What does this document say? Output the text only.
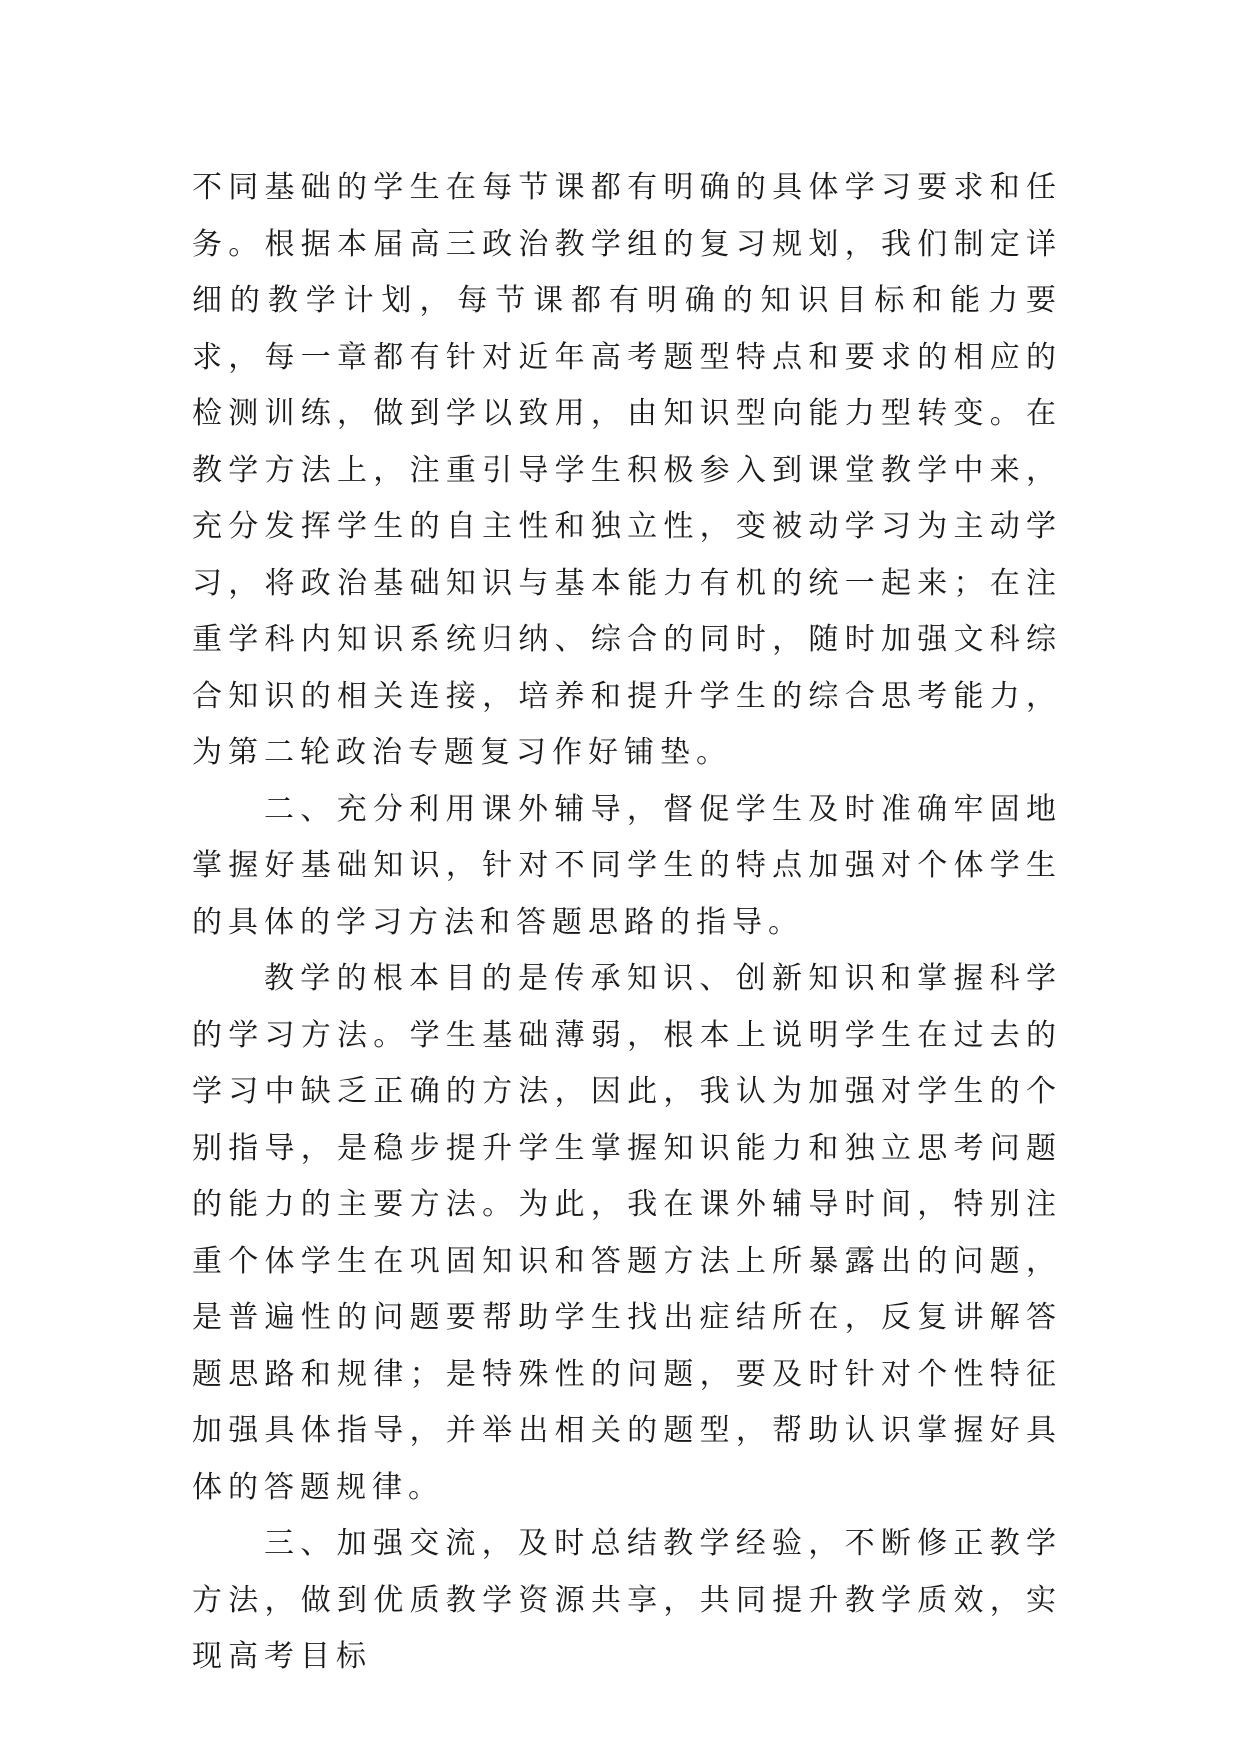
不同基础的学生在每节课都有明确的具体学习要求和任务。根据本届高三政治教学组的复习规划，我们制定详细的教学计划，每节课都有明确的知识目标和能力要求，每一章都有针对近年高考题型特点和要求的相应的检测训练，做到学以致用，由知识型向能力型转变。在教学方法上，注重引导学生积极参入到课堂教学中来，充分发挥学生的自主性和独立性，变被动学习为主动学习，将政治基础知识与基本能力有机的统一起来；在注重学科内知识系统归纳、综合的同时，随时加强文科综合知识的相关连接，培养和提升学生的综合思考能力，为第二轮政治专题复习作好铺垫。

二、充分利用课外辅导，督促学生及时准确牢固地掌握好基础知识，针对不同学生的特点加强对个体学生的具体的学习方法和答题思路的指导。

教学的根本目的是传承知识、创新知识和掌握科学的学习方法。学生基础薄弱，根本上说明学生在过去的学习中缺乏正确的方法，因此，我认为加强对学生的个别指导，是稳步提升学生掌握知识能力和独立思考问题的能力的主要方法。为此，我在课外辅导时间，特别注重个体学生在巩固知识和答题方法上所暴露出的问题，是普遍性的问题要帮助学生找出症结所在，反复讲解答题思路和规律；是特殊性的问题，要及时针对个性特征加强具体指导，并举出相关的题型，帮助认识掌握好具体的答题规律。

三、加强交流，及时总结教学经验，不断修正教学方法，做到优质教学资源共享，共同提升教学质效，实现高考目标
